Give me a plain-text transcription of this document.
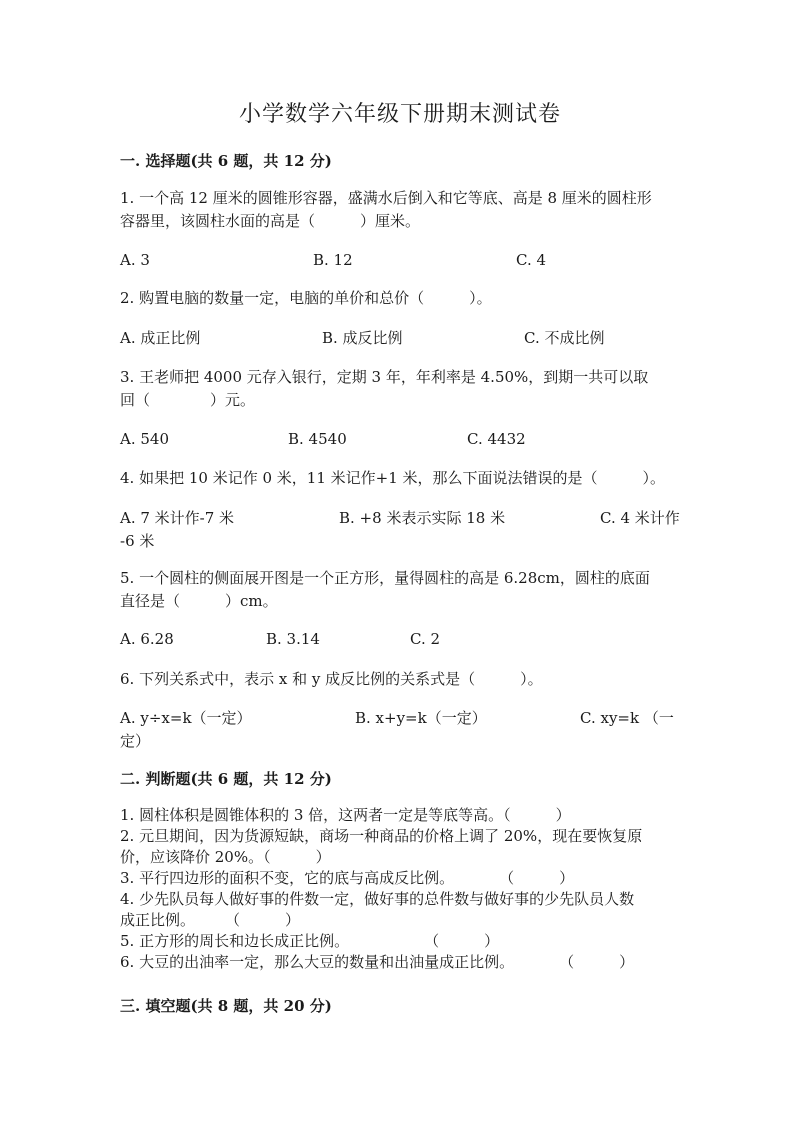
小学数学六年级下册期末测试卷
一. 选择题(共 6 题，共 12 分)
1. 一个高 12 厘米的圆锥形容器，盛满水后倒入和它等底、高是 8 厘米的圆柱形
容器里，该圆柱水面的高是（　　　）厘米。
A. 3	B. 12	C. 4
2. 购置电脑的数量一定，电脑的单价和总价（　　　）。
A. 成正比例	B. 成反比例	C. 不成比例
3. 王老师把 4000 元存入银行，定期 3 年，年利率是 4.50%，到期一共可以取
回（　　　　）元。
A. 540	B. 4540	C. 4432
4. 如果把 10 米记作 0 米，11 米记作+1 米，那么下面说法错误的是（　　　）。
A. 7 米计作-7 米	B. +8 米表示实际 18 米	C. 4 米计作
-6 米
5. 一个圆柱的侧面展开图是一个正方形，量得圆柱的高是 6.28cm，圆柱的底面
直径是（　　　）cm。
A. 6.28	B. 3.14	C. 2
6. 下列关系式中，表示 x 和 y 成反比例的关系式是（　　　）。
A. y÷x=k（一定）	B. x+y=k（一定）	C. xy=k （一
定）
二. 判断题(共 6 题，共 12 分)
1. 圆柱体积是圆锥体积的 3 倍，这两者一定是等底等高。（　　　）
2. 元旦期间，因为货源短缺，商场一种商品的价格上调了 20%，现在要恢复原
价，应该降价 20%。（　　　）
3. 平行四边形的面积不变，它的底与高成反比例。　　　　（　　　）
4. 少先队员每人做好事的件数一定，做好事的总件数与做好事的少先队员人数
成正比例。　　　（　　　）
5. 正方形的周长和边长成正比例。　　　　　　（　　　）
6. 大豆的出油率一定，那么大豆的数量和出油量成正比例。　　　　（　　　）
三. 填空题(共 8 题，共 20 分)
